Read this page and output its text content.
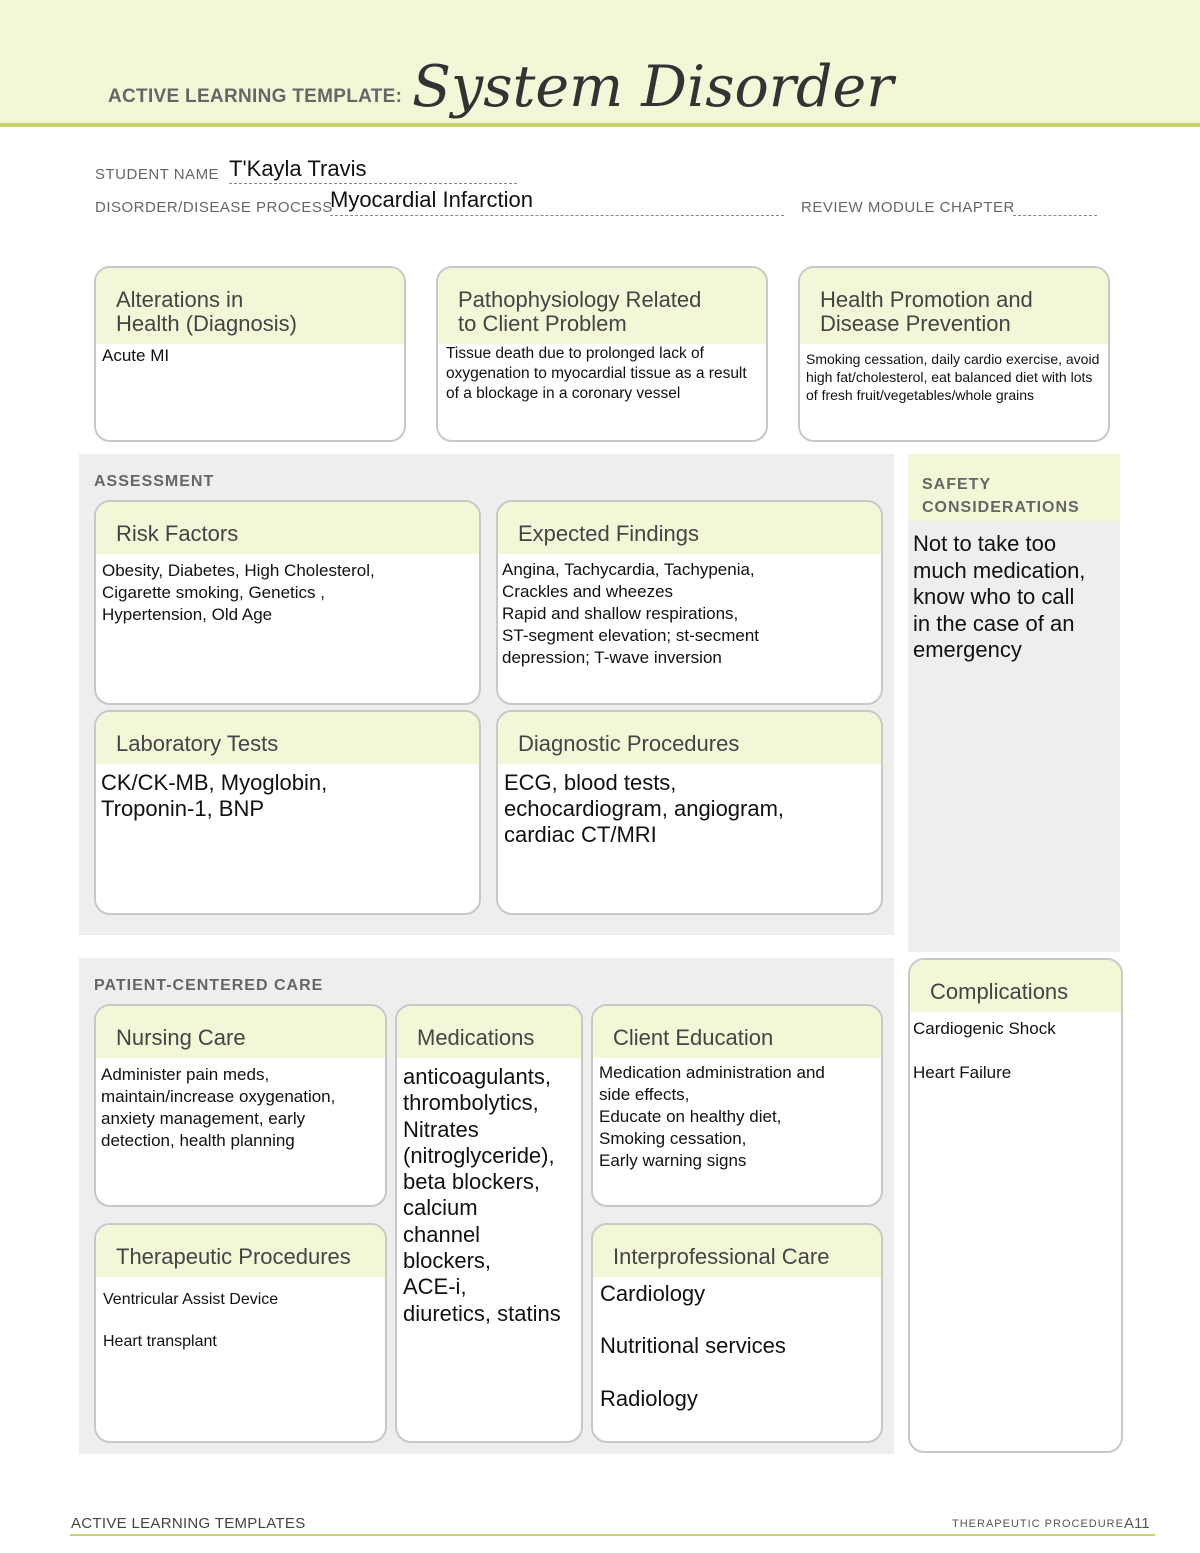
ACTIVE LEARNING TEMPLATE: System Disorder
STUDENT NAME T'Kayla Travis
DISORDER/DISEASE PROCESS
Myocardial Infarction	REVIEW MODULE CHAPTER
Alterations in
Health (Diagnosis)
Acute MI
Pathophysiology Related
to Client Problem
Tissue death due to prolonged lack of oxygenation to myocardial tissue as a result of a blockage in a coronary vessel
Health Promotion and
Disease Prevention
Smoking cessation, daily cardio exercise, avoid high fat/cholesterol, eat balanced diet with lots of fresh fruit/vegetables/whole grains
ASSESSMENT
Risk Factors
Obesity, Diabetes, High Cholesterol,
Cigarette smoking, Genetics ,
Hypertension, Old Age
Expected Findings
Angina, Tachycardia, Tachypenia,
Crackles and wheezes
Rapid and shallow respirations,
ST-segment elevation; st-secment
depression; T-wave inversion
Laboratory Tests
CK/CK-MB, Myoglobin,
Troponin-1, BNP
Diagnostic Procedures
ECG, blood tests,
echocardiogram, angiogram,
cardiac CT/MRI
SAFETY
CONSIDERATIONS
Not to take too
much medication,
know who to call
in the case of an
emergency
PATIENT-CENTERED CARE
Nursing Care
Administer pain meds,
maintain/increase oxygenation,
anxiety management, early
detection, health planning
Medications
anticoagulants,
thrombolytics,
Nitrates
(nitroglyceride),
beta blockers,
calcium
channel
blockers,
ACE-i,
diuretics, statins
Client Education
Medication administration and
side effects,
Educate on healthy diet,
Smoking cessation,
Early warning signs
Therapeutic Procedures
Ventricular Assist Device

Heart transplant
Interprofessional Care
Cardiology

Nutritional services

Radiology
Complications
Cardiogenic Shock

Heart Failure
ACTIVE LEARNING TEMPLATES	THERAPEUTIC PROCEDURE A11
